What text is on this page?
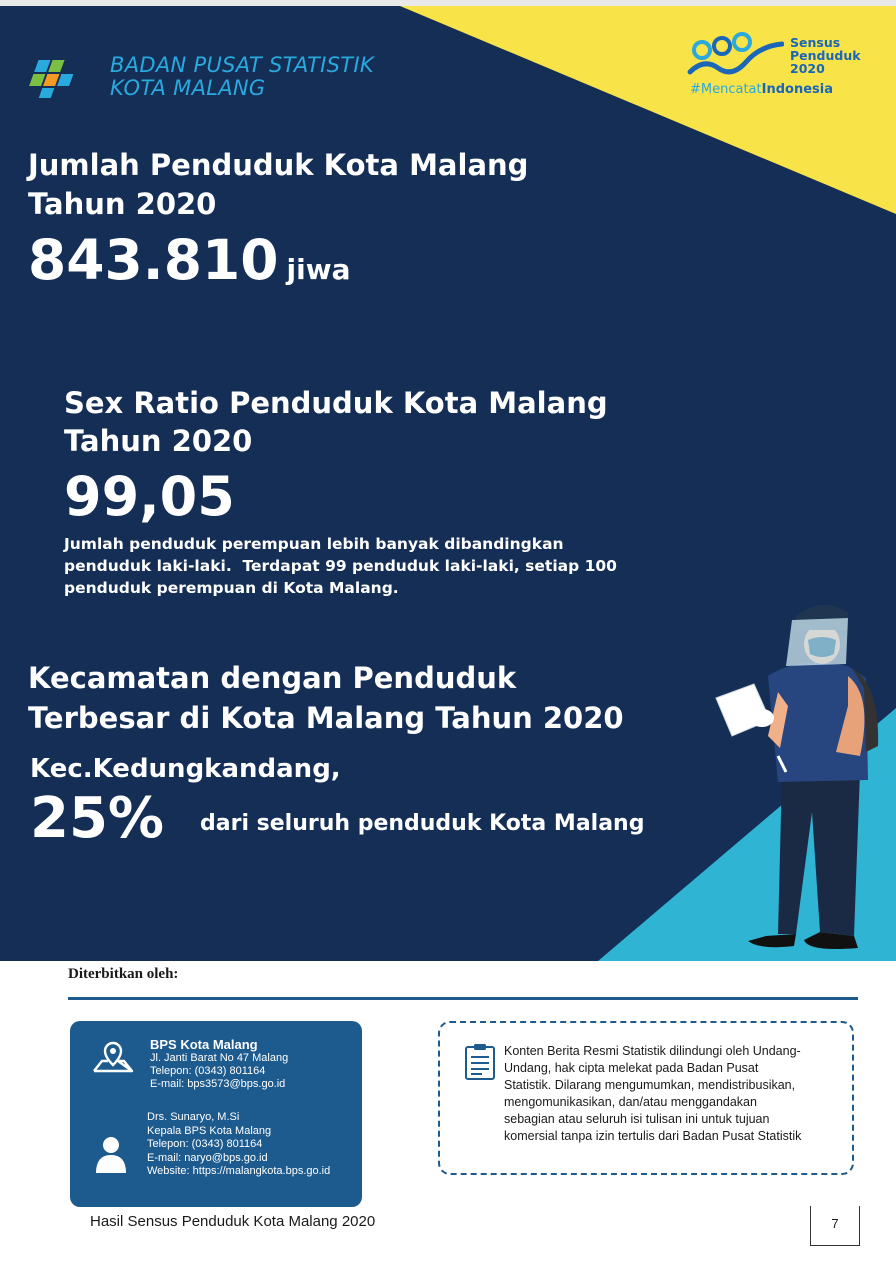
BADAN PUSAT STATISTIK
KOTA MALANG
Sensus
Penduduk
2020
#MencatatIndonesia
Jumlah Penduduk Kota Malang
Tahun 2020
843.810 jiwa
Sex Ratio Penduduk Kota Malang
Tahun 2020
99,05
Jumlah penduduk perempuan lebih banyak dibandingkan
penduduk laki-laki.  Terdapat 99 penduduk laki-laki, setiap 100
penduduk perempuan di Kota Malang.
Kecamatan dengan Penduduk
Terbesar di Kota Malang Tahun 2020
Kec.Kedungkandang,
25% dari seluruh penduduk Kota Malang
Diterbitkan oleh:
BPS Kota Malang
Jl. Janti Barat No 47 Malang
Telepon: (0343) 801164
E-mail: bps3573@bps.go.id
Drs. Sunaryo, M.Si
Kepala BPS Kota Malang
Telepon: (0343) 801164
E-mail: naryo@bps.go.id
Website: https://malangkota.bps.go.id
Konten Berita Resmi Statistik dilindungi oleh Undang-
Undang, hak cipta melekat pada Badan Pusat
Statistik. Dilarang mengumumkan, mendistribusikan,
mengomunikasikan, dan/atau menggandakan
sebagian atau seluruh isi tulisan ini untuk tujuan
komersial tanpa izin tertulis dari Badan Pusat Statistik
Hasil Sensus Penduduk Kota Malang 2020	7
